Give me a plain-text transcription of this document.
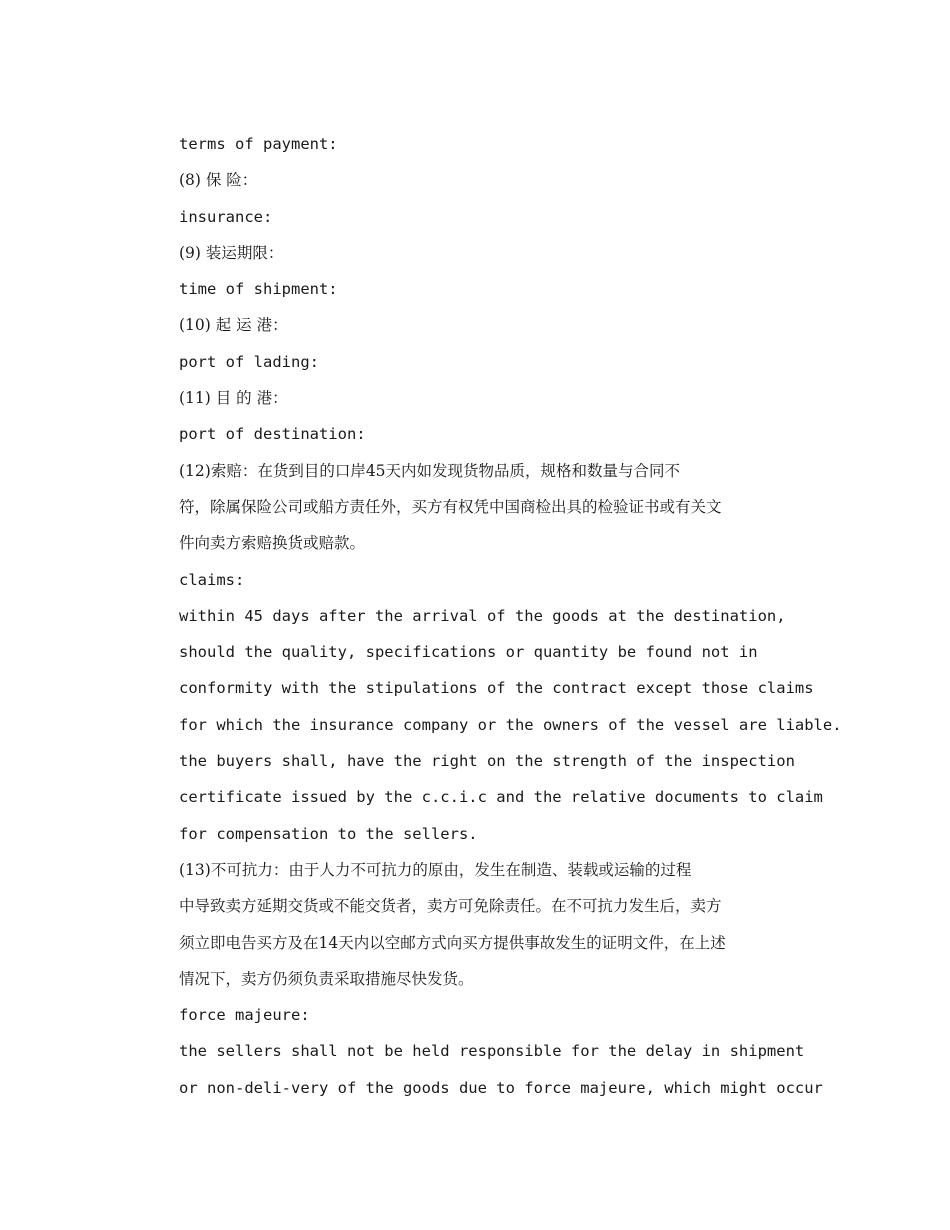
terms of payment:
(8) 保 险：
insurance:
(9) 装运期限：
time of shipment:
(10) 起 运 港：
port of lading:
(11) 目 的 港：
port of destination:
(12)索赔：在货到目的口岸45天内如发现货物品质，规格和数量与合同不
符，除属保险公司或船方责任外，买方有权凭中国商检出具的检验证书或有关文
件向卖方索赔换货或赔款。
claims:
within 45 days after the arrival of the goods at the destination,
should the quality, specifications or quantity be found not in
conformity with the stipulations of the contract except those claims
for which the insurance company or the owners of the vessel are liable.
the buyers shall, have the right on the strength of the inspection
certificate issued by the c.c.i.c and the relative documents to claim
for compensation to the sellers.
(13)不可抗力：由于人力不可抗力的原由，发生在制造、装载或运输的过程
中导致卖方延期交货或不能交货者，卖方可免除责任。在不可抗力发生后，卖方
须立即电告买方及在14天内以空邮方式向买方提供事故发生的证明文件，在上述
情况下，卖方仍须负责采取措施尽快发货。
force majeure:
the sellers shall not be held responsible for the delay in shipment
or non-deli-very of the goods due to force majeure, which might occur
